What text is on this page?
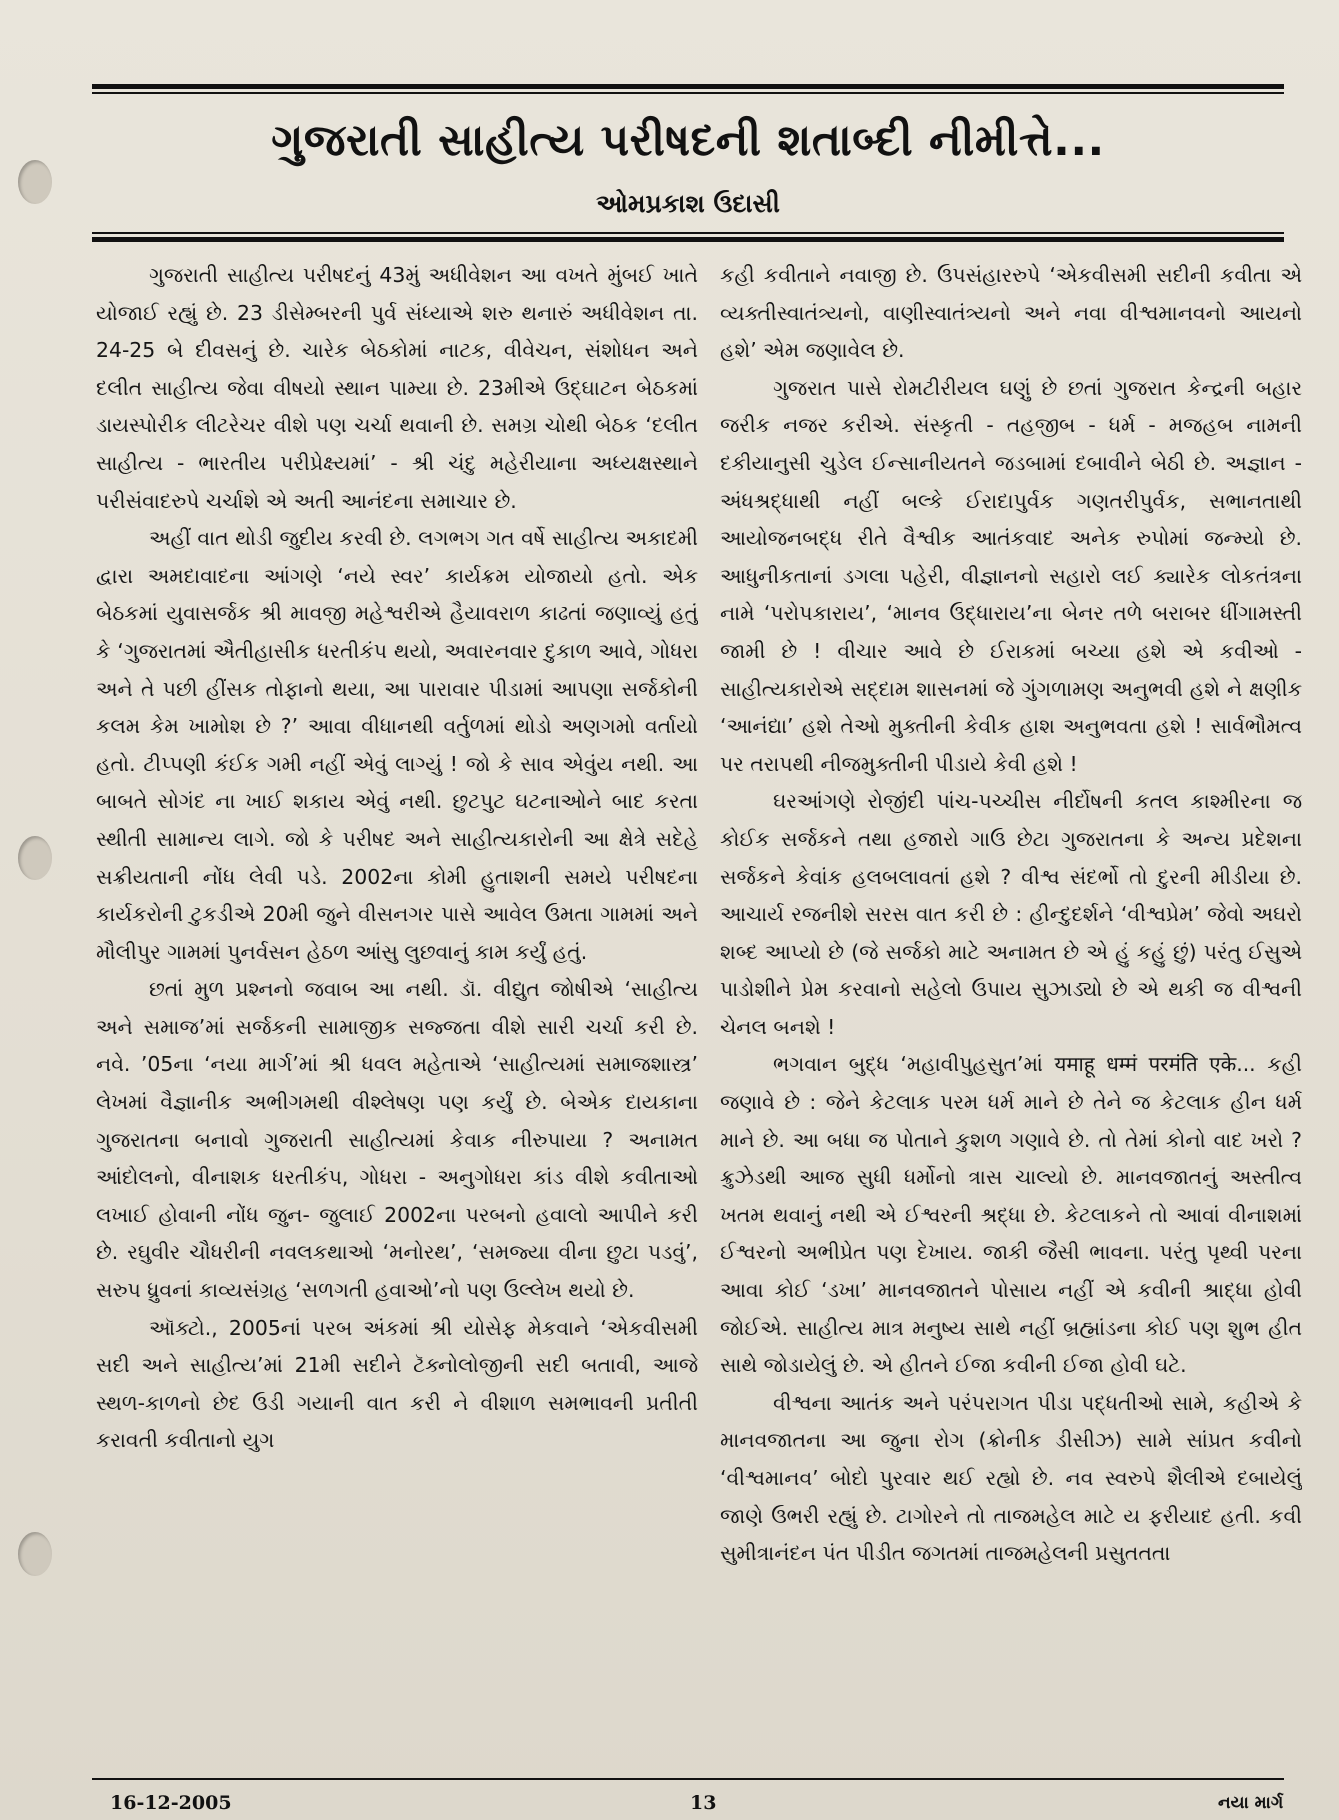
ગુજરાતી સાહીત્ય પરીષદની શતાબ્દી નીમીત્તે...
ઓમપ્રકાશ ઉદાસી

ગુજરાતી સાહીત્ય પરીષદનું 43મું અધીવેશન આ વખતે મુંબઈ ખાતે યોજાઈ રહ્યું છે. 23 ડીસેમ્બરની પુર્વ સંધ્યાએ શરુ થનારું અધીવેશન તા. 24-25 બે દીવસનું છે. ચારેક બેઠકોમાં નાટક, વીવેચન, સંશોધન અને દલીત સાહીત્ય જેવા વીષયો સ્થાન પામ્યા છે. 23મીએ ઉદ્‌ઘાટન બેઠકમાં ડાયસ્પોરીક લીટરેચર વીશે પણ ચર્ચા થવાની છે. સમગ્ર ચોથી બેઠક ‘દલીત સાહીત્ય - ભારતીય પરીપ્રેક્ષ્યમાં’ - શ્રી ચંદુ મહેરીયાના અધ્યક્ષસ્થાને પરીસંવાદરુપે ચર્ચાશે એ અતી આનંદના સમાચાર છે.

અહીં વાત થોડી જુદીય કરવી છે. લગભગ ગત વર્ષે સાહીત્ય અકાદમી દ્વારા અમદાવાદના આંગણે ‘નયે સ્વર’ કાર્યક્રમ યોજાયો હતો. એક બેઠકમાં યુવાસર્જક શ્રી માવજી મહેશ્વરીએ હૈયાવરાળ કાઢતાં જણાવ્યું હતું કે ‘ગુજરાતમાં ઐતીહાસીક ધરતીકંપ થયો, અવારનવાર દુકાળ આવે, ગોધરા અને તે પછી હીંસક તોફાનો થયા, આ પારાવાર પીડામાં આપણા સર્જકોની કલમ કેમ ખામોશ છે ?’ આવા વીધાનથી વર્તુળમાં થોડો અણગમો વર્તાયો હતો. ટીપ્પણી કંઈક ગમી નહીં એવું લાગ્યું ! જો કે સાવ એવુંય નથી. આ બાબતે સોગંદ ના ખાઈ શકાય એવું નથી. છુટપુટ ઘટનાઓને બાદ કરતા સ્થીતી સામાન્ય લાગે. જો કે પરીષદ અને સાહીત્યકારોની આ ક્ષેત્રે સદેહે સક્રીયતાની નોંધ લેવી પડે. 2002ના કોમી હુતાશની સમયે પરીષદના કાર્યકરોની ટુકડીએ 20મી જુને વીસનગર પાસે આવેલ ઉમતા ગામમાં અને મૌલીપુર ગામમાં પુનર્વસન હેઠળ આંસુ લુછવાનું કામ કર્યું હતું.

છતાં મુળ પ્રશ્નનો જવાબ આ નથી. ડૉ. વીદ્યુત જોષીએ ‘સાહીત્ય અને સમાજ’માં સર્જકની સામાજીક સજ્જતા વીશે સારી ચર્ચા કરી છે. નવે. ’05ના ‘નયા માર્ગ’માં શ્રી ધવલ મહેતાએ ‘સાહીત્યમાં સમાજશાસ્ત્ર’ લેખમાં વૈજ્ઞાનીક અભીગમથી વીશ્લેષણ પણ કર્યું છે. બેએક દાયકાના ગુજરાતના બનાવો ગુજરાતી સાહીત્યમાં કેવાક નીરુપાયા ? અનામત આંદોલનો, વીનાશક ધરતીકંપ, ગોધરા - અનુગોધરા કાંડ વીશે કવીતાઓ લખાઈ હોવાની નોંધ જુન- જુલાઈ 2002ના પરબનો હવાલો આપીને કરી છે. રઘુવીર ચૌધરીની નવલકથાઓ ‘મનોરથ’, ‘સમજ્યા વીના છુટા પડવું’, સરુપ ધ્રુવનાં કાવ્યસંગ્રહ ‘સળગતી હવાઓ’નો પણ ઉલ્લેખ થયો છે.

ઑક્ટો., 2005નાં પરબ અંકમાં શ્રી યોસેફ મેકવાને ‘એકવીસમી સદી અને સાહીત્ય’માં 21મી સદીને ટૅક્નોલોજીની સદી બતાવી, આજે સ્થળ-કાળનો છેદ ઉડી ગયાની વાત કરી ને વીશાળ સમભાવની પ્રતીતી કરાવતી કવીતાનો યુગ

કહી કવીતાને નવાજી છે. ઉપસંહારરુપે ‘એકવીસમી સદીની કવીતા એ વ્યક્તીસ્વાતંત્ર્યનો, વાણીસ્વાતંત્ર્યનો અને નવા વીશ્વમાનવનો આયનો હશે’ એમ જણાવેલ છે.

ગુજરાત પાસે રોમટીરીયલ ઘણું છે છતાં ગુજરાત કેન્દ્રની બહાર જરીક નજર કરીએ. સંસ્કૃતી - તહજીબ - ધર્મ - મજહબ નામની દકીયાનુસી ચુડેલ ઈન્સાનીયતને જડબામાં દબાવીને બેઠી છે. અજ્ઞાન - અંધશ્રદ્ધાથી નહીં બલ્કે ઈરાદાપુર્વક ગણતરીપુર્વક, સભાનતાથી આયોજનબદ્ધ રીતે વૈશ્વીક આતંકવાદ અનેક રુપોમાં જન્મ્યો છે. આધુનીકતાનાં ડગલા પહેરી, વીજ્ઞાનનો સહારો લઈ ક્યારેક લોકતંત્રના નામે ‘પરોપકારાય’, ‘માનવ ઉદ્ધારાય’ના બેનર તળે બરાબર ધીંગામસ્તી જામી છે ! વીચાર આવે છે ઈરાકમાં બચ્યા હશે એ કવીઓ - સાહીત્યકારોએ સદ્દામ શાસનમાં જે ગુંગળામણ અનુભવી હશે ને ક્ષણીક ‘આનંદ્યા’ હશે તેઓ મુક્તીની કેવીક હાશ અનુભવતા હશે ! સાર્વભૌમત્વ પર તરાપથી નીજમુક્તીની પીડાયે કેવી હશે !

ઘરઆંગણે રોજીંદી પાંચ-પચ્ચીસ નીર્દોષની કતલ કાશ્મીરના જ કોઈક સર્જકને તથા હજારો ગાઉ છેટા ગુજરાતના કે અન્ય પ્રદેશના સર્જકને કેવાંક હલબલાવતાં હશે ? વીશ્વ સંદર્ભો તો દુરની મીડીયા છે. આચાર્ય રજનીશે સરસ વાત કરી છે : હીન્દુદર્શને ‘વીશ્વપ્રેમ’ જેવો અઘરો શબ્દ આપ્યો છે (જે સર્જકો માટે અનામત છે એ હું કહું છું) પરંતુ ઈસુએ પાડોશીને પ્રેમ કરવાનો સહેલો ઉપાય સુઝાડ્યો છે એ થકી જ વીશ્વની ચેનલ બનશે !

ભગવાન બુદ્ધ ‘મહાવીપુહસુત’માં यमाहू धम्मं परमंति एके... કહી જણાવે છે : જેને કેટલાક પરમ ધર્મ માને છે તેને જ કેટલાક હીન ધર્મ માને છે. આ બધા જ પોતાને કુશળ ગણાવે છે. તો તેમાં કોનો વાદ ખરો ? ક્રુઝેડથી આજ સુધી ધર્મોનો ત્રાસ ચાલ્યો છે. માનવજાતનું અસ્તીત્વ ખતમ થવાનું નથી એ ઈશ્વરની શ્રદ્ધા છે. કેટલાકને તો આવાં વીનાશમાં ઈશ્વરનો અભીપ્રેત પણ દેખાય. જાકી જૈસી ભાવના. પરંતુ પૃથ્વી પરના આવા કોઈ ‘ડખા’ માનવજાતને પોસાય નહીં એ કવીની શ્રાદ્ધા હોવી જોઈએ. સાહીત્ય માત્ર મનુષ્ય સાથે નહીં બ્રહ્માંડના કોઈ પણ શુભ હીત સાથે જોડાયેલું છે. એ હીતને ઈજા કવીની ઈજા હોવી ઘટે.

વીશ્વના આતંક અને પરંપરાગત પીડા પદ્ધતીઓ સામે, કહીએ કે માનવજાતના આ જુના રોગ (ક્રોનીક ડીસીઝ) સામે સાંપ્રત કવીનો ‘વીશ્વમાનવ’ બોદો પુરવાર થઈ રહ્યો છે. નવ સ્વરુપે શૈલીએ દબાયેલું જાણે ઉભરી રહ્યું છે. ટાગોરને તો તાજમહેલ માટે ય ફરીયાદ હતી. કવી સુમીત્રાનંદન પંત પીડીત જગતમાં તાજમહેલની પ્રસુતતતા

16-12-2005	13	નયા માર્ગ
